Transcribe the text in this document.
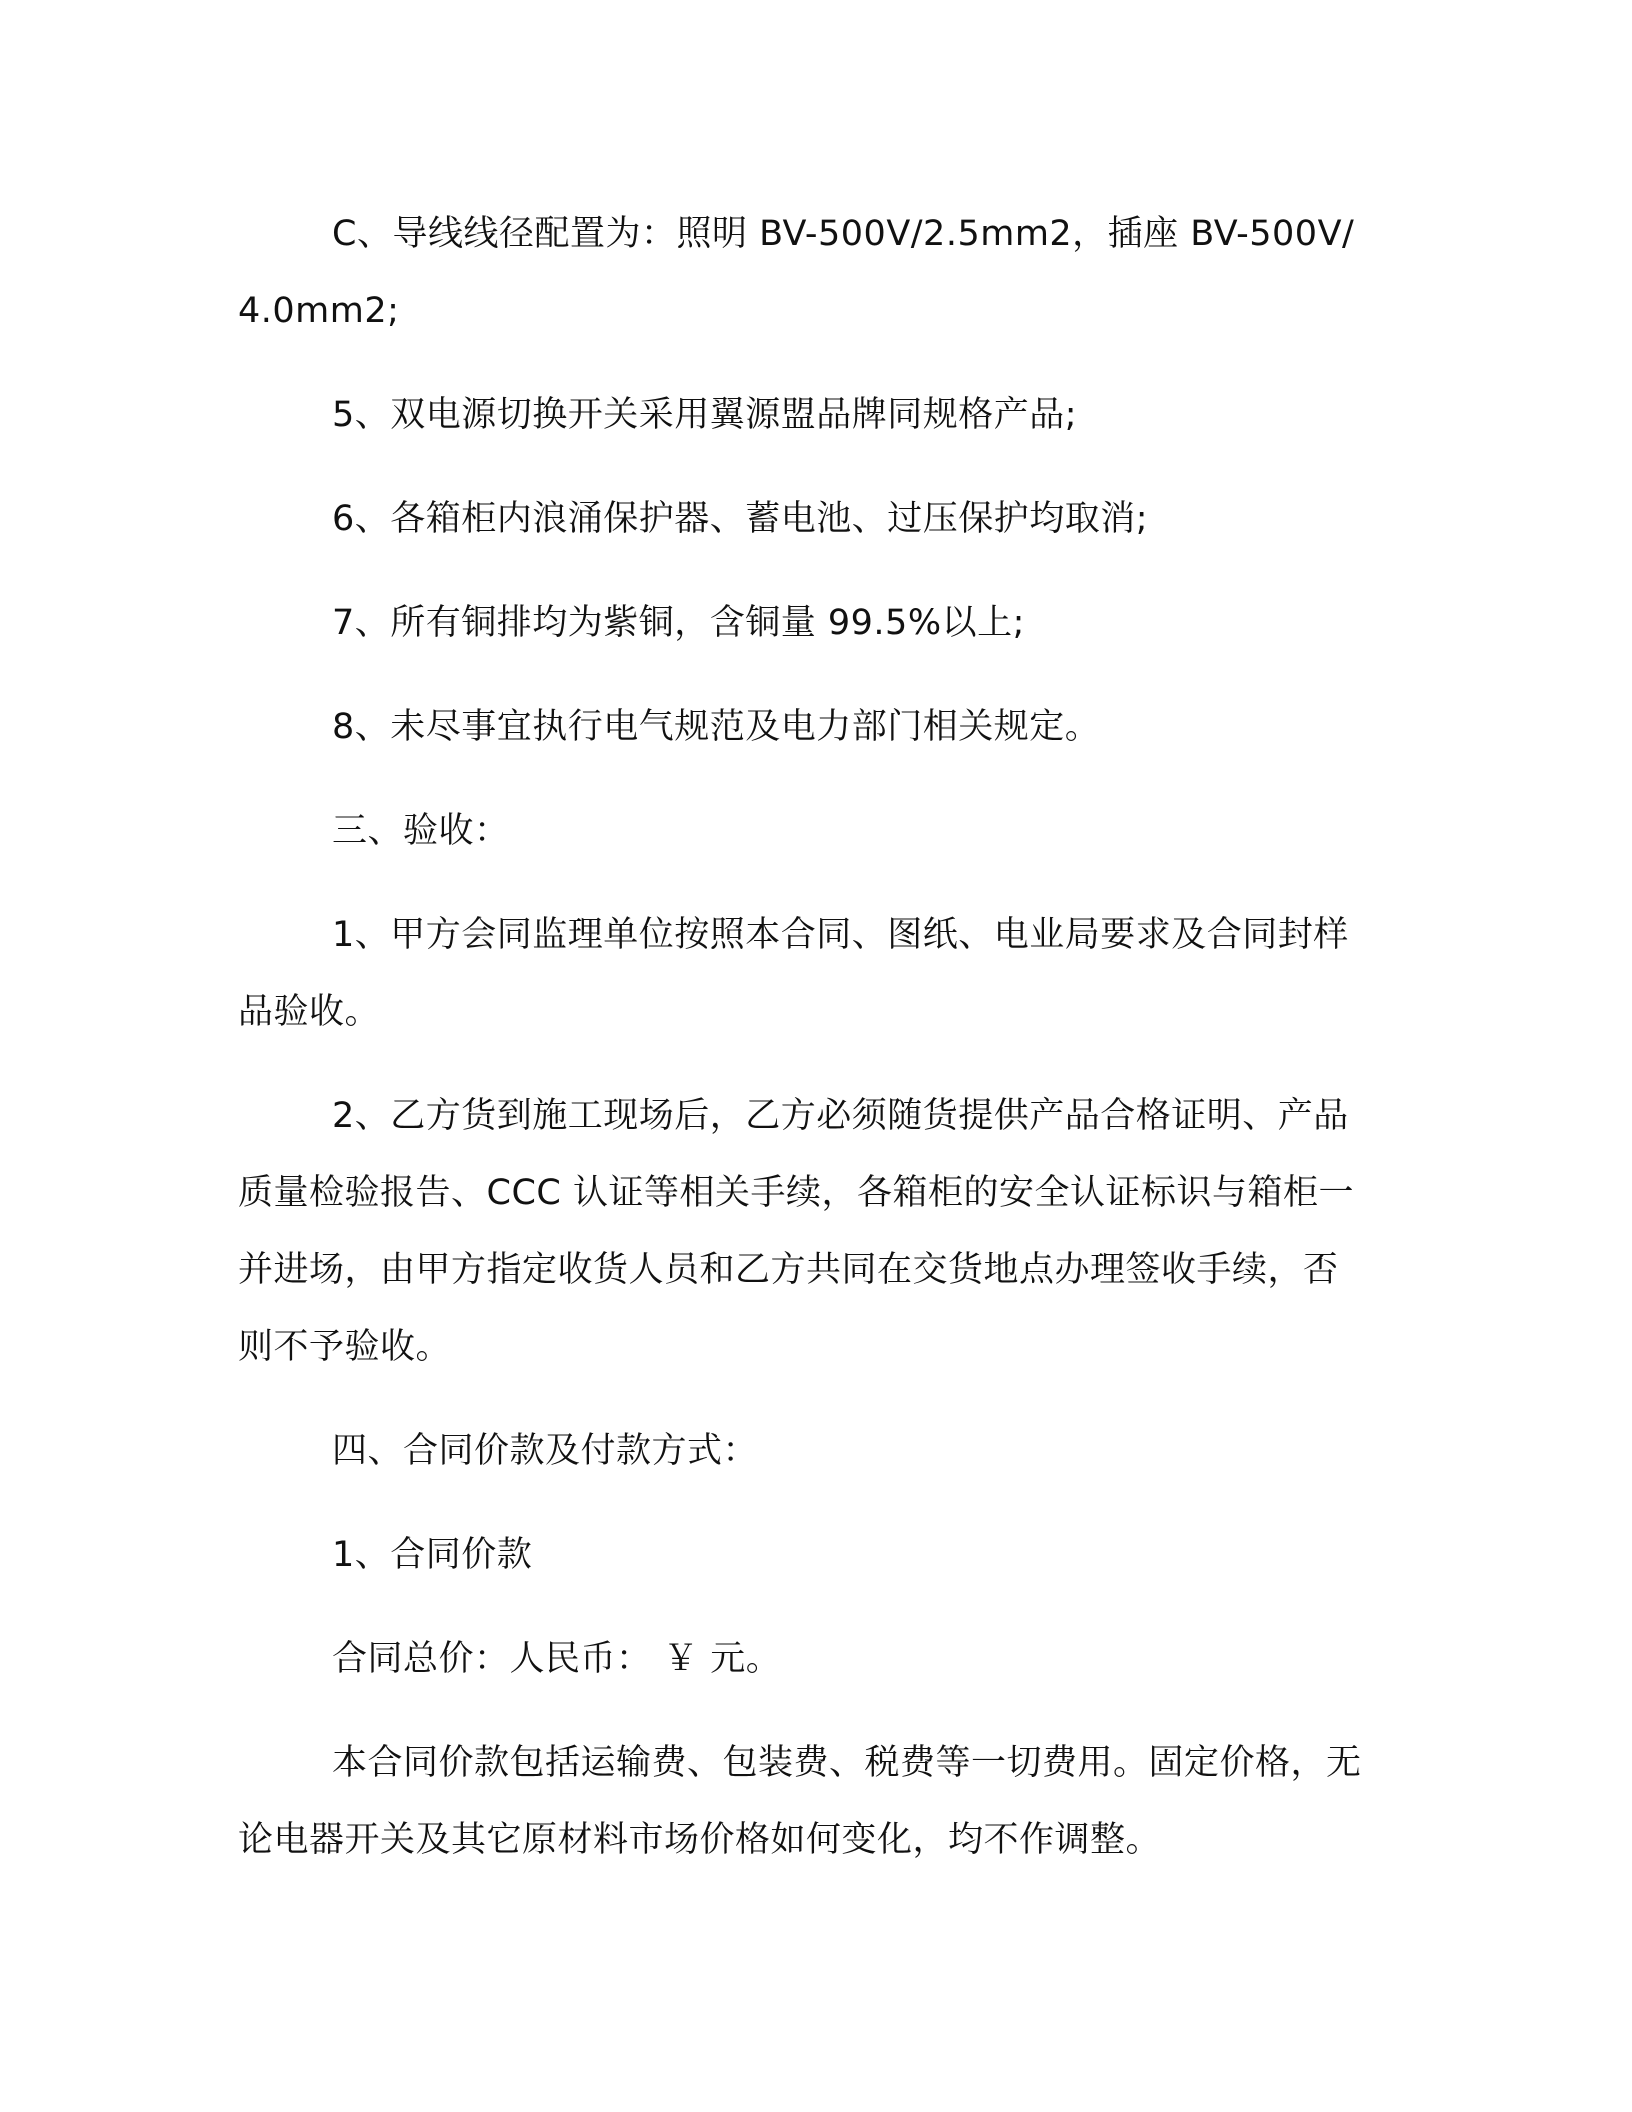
C、导线线径配置为：照明 BV-500V/2.5mm2，插座 BV-500V/4.0mm2;

5、双电源切换开关采用翼源盟品牌同规格产品;

6、各箱柜内浪涌保护器、蓄电池、过压保护均取消;

7、所有铜排均为紫铜，含铜量 99.5%以上;

8、未尽事宜执行电气规范及电力部门相关规定。

三、验收：

1、甲方会同监理单位按照本合同、图纸、电业局要求及合同封样品验收。

2、乙方货到施工现场后，乙方必须随货提供产品合格证明、产品质量检验报告、CCC 认证等相关手续，各箱柜的安全认证标识与箱柜一并进场，由甲方指定收货人员和乙方共同在交货地点办理签收手续，否则不予验收。

四、合同价款及付款方式：

1、合同价款

合同总价：人民币： ￥ 元。

本合同价款包括运输费、包装费、税费等一切费用。固定价格，无论电器开关及其它原材料市场价格如何变化，均不作调整。
